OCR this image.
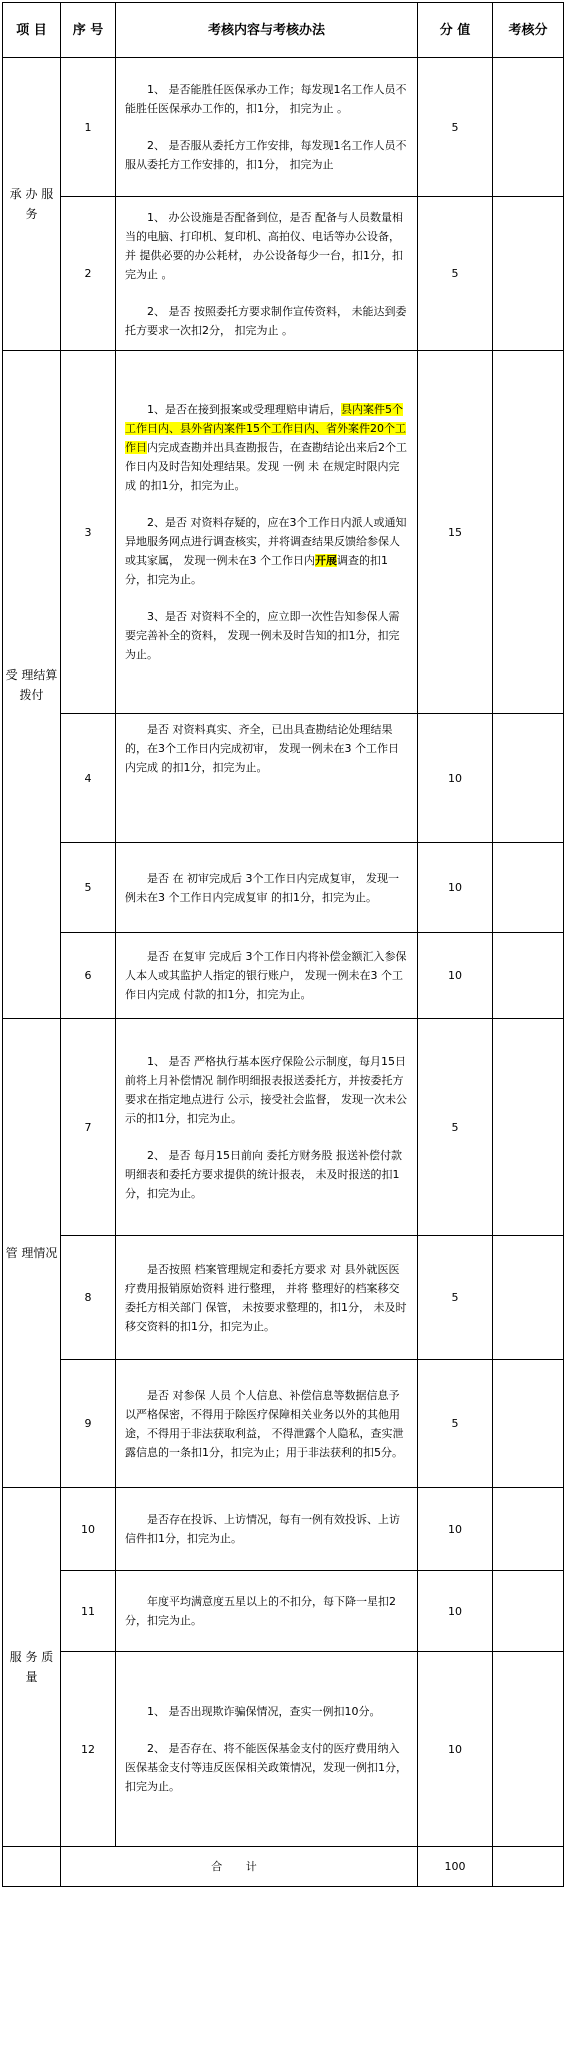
项 目	序 号	考核内容与考核办法	分 值	考核分
承 办 服务	1	1、 是否能胜任医保承办工作；每发现1名工作人员不能胜任医保承办工作的，扣1分， 扣完为止 。

2、 是否服从委托方工作安排，每发现1名工作人员不服从委托方工作安排的，扣1分， 扣完为止	5	
	2	1、 办公设施是否配备到位，是否 配备与人员数量相当的电脑、打印机、复印机、高拍仪、电话等办公设备， 并 提供必要的办公耗材， 办公设备每少一台，扣1分，扣完为止 。

2、 是否 按照委托方要求制作宣传资料， 未能达到委托方要求一次扣2分， 扣完为止 。	5	
受 理结算拨付	3	1、是否在接到报案或受理理赔申请后，县内案件5个工作日内、县外省内案件15个工作日内、省外案件20个工作日内完成查勘并出具查勘报告，在查勘结论出来后2个工作日内及时告知处理结果。发现 一例 未 在规定时限内完成 的扣1分，扣完为止。

2、是否 对资料存疑的，应在3个工作日内派人或通知异地服务网点进行调查核实，并将调查结果反馈给参保人或其家属， 发现一例未在3 个工作日内开展调查的扣1分，扣完为止。

3、是否 对资料不全的，应立即一次性告知参保人需要完善补全的资料， 发现一例未及时告知的扣1分，扣完为止。	15	
	4	是否 对资料真实、齐全，已出具查勘结论处理结果的，在3个工作日内完成初审， 发现一例未在3 个工作日内完成 的扣1分，扣完为止。	10	
	5	是否 在 初审完成后 3个工作日内完成复审， 发现一例未在3 个工作日内完成复审 的扣1分，扣完为止。	10	
	6	是否 在复审 完成后 3个工作日内将补偿金额汇入参保人本人或其监护人指定的银行账户， 发现一例未在3 个工作日内完成 付款的扣1分，扣完为止。	10	
管 理情况	7	1、 是否 严格执行基本医疗保险公示制度，每月15日前将上月补偿情况 制作明细报表报送委托方，并按委托方要求在指定地点进行 公示，接受社会监督， 发现一次未公示的扣1分，扣完为止。

2、 是否 每月15日前向 委托方财务股 报送补偿付款明细表和委托方要求提供的统计报表， 未及时报送的扣1分，扣完为止。	5	
	8	是否按照 档案管理规定和委托方要求 对 县外就医医疗费用报销原始资料 进行整理， 并将 整理好的档案移交 委托方相关部门 保管， 未按要求整理的，扣1分， 未及时移交资料的扣1分，扣完为止。	5	
	9	是否 对参保 人员 个人信息、补偿信息等数据信息予以严格保密，不得用于除医疗保障相关业务以外的其他用途，不得用于非法获取利益， 不得泄露个人隐私，查实泄露信息的一条扣1分，扣完为止；用于非法获利的扣5分。	5	
服 务 质量	10	是否存在投诉、上访情况，每有一例有效投诉、上访信件扣1分，扣完为止。	10	
	11	年度平均满意度五星以上的不扣分，每下降一星扣2分，扣完为止。	10	
	12	1、 是否出现欺诈骗保情况，查实一例扣10分。

2、 是否存在、将不能医保基金支付的医疗费用纳入医保基金支付等违反医保相关政策情况，发现一例扣1分，扣完为止。	10	
	合 计		100	
